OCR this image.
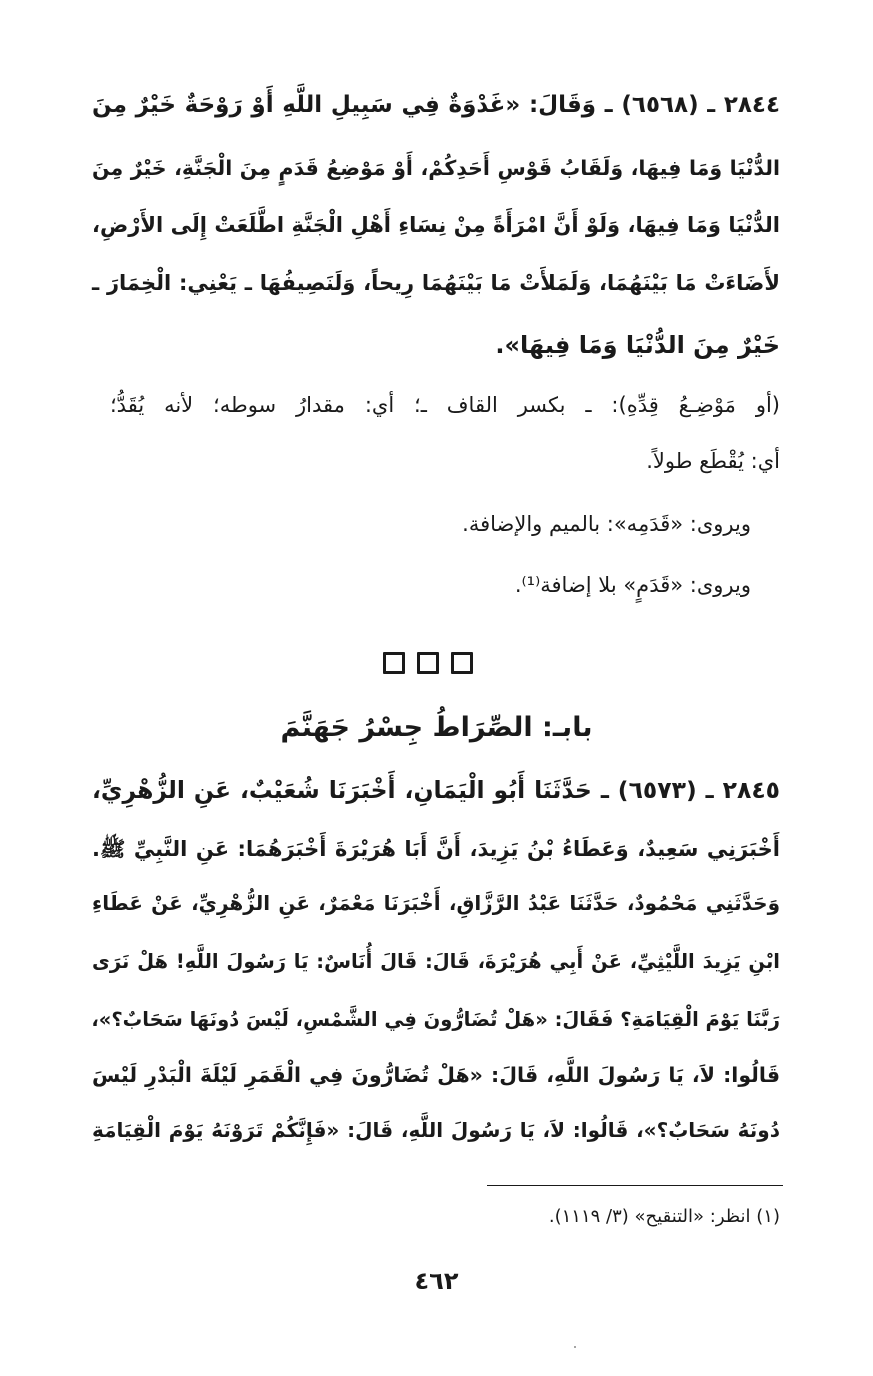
٢٨٤٤ ـ (٦٥٦٨) ـ وَقَالَ: «غَدْوَةٌ فِي سَبِيلِ اللَّهِ أَوْ رَوْحَةٌ خَيْرٌ مِنَ
الدُّنْيَا وَمَا فِيهَا، وَلَقَابُ قَوْسِ أَحَدِكُمْ، أَوْ مَوْضِعُ قَدَمٍ مِنَ الْجَنَّةِ، خَيْرٌ مِنَ
الدُّنْيَا وَمَا فِيهَا، وَلَوْ أَنَّ امْرَأَةً مِنْ نِسَاءِ أَهْلِ الْجَنَّةِ اطَّلَعَتْ إِلَى الأَرْضِ،
لأَضَاءَتْ مَا بَيْنَهُمَا، وَلَمَلأَتْ مَا بَيْنَهُمَا رِيحاً، وَلَنَصِيفُهَا ـ يَعْنِي: الْخِمَارَ ـ
خَيْرٌ مِنَ الدُّنْيَا وَمَا فِيهَا».
(أو مَوْضِـعُ قِدِّهِ): ـ بكسر القاف ـ؛ أي: مقدارُ سوطه؛ لأنه يُقَدُّ؛
أي: يُقْطَع طولاً.
ويروى: «قَدَمِه»: بالميم والإضافة.
ويروى: «قَدَمٍ» بلا إضافة⁽¹⁾.
بابـ: الصِّرَاطُ جِسْرُ جَهَنَّمَ
٢٨٤٥ ـ (٦٥٧٣) ـ حَدَّثَنَا أَبُو الْيَمَانِ، أَخْبَرَنَا شُعَيْبٌ، عَنِ الزُّهْرِيِّ،
أَخْبَرَنِي سَعِيدٌ، وَعَطَاءُ بْنُ يَزِيدَ، أَنَّ أَبَا هُرَيْرَةَ أَخْبَرَهُمَا: عَنِ النَّبِيِّ ﷺ.
وَحَدَّثَنِي مَحْمُودٌ، حَدَّثَنَا عَبْدُ الرَّزَّاقِ، أَخْبَرَنَا مَعْمَرٌ، عَنِ الزُّهْرِيِّ، عَنْ عَطَاءِ
ابْنِ يَزِيدَ اللَّيْثِيِّ، عَنْ أَبِي هُرَيْرَةَ، قَالَ: قَالَ أُنَاسٌ: يَا رَسُولَ اللَّهِ! هَلْ نَرَى
رَبَّنَا يَوْمَ الْقِيَامَةِ؟ فَقَالَ: «هَلْ تُضَارُّونَ فِي الشَّمْسِ، لَيْسَ دُونَهَا سَحَابٌ؟»،
قَالُوا: لاَ، يَا رَسُولَ اللَّهِ، قَالَ: «هَلْ تُضَارُّونَ فِي الْقَمَرِ لَيْلَةَ الْبَدْرِ لَيْسَ
دُونَهُ سَحَابٌ؟»، قَالُوا: لاَ، يَا رَسُولَ اللَّهِ، قَالَ: «فَإِنَّكُمْ تَرَوْنَهُ يَوْمَ الْقِيَامَةِ
(١) انظر: «التنقيح» (٣/ ١١١٩).
٤٦٢
